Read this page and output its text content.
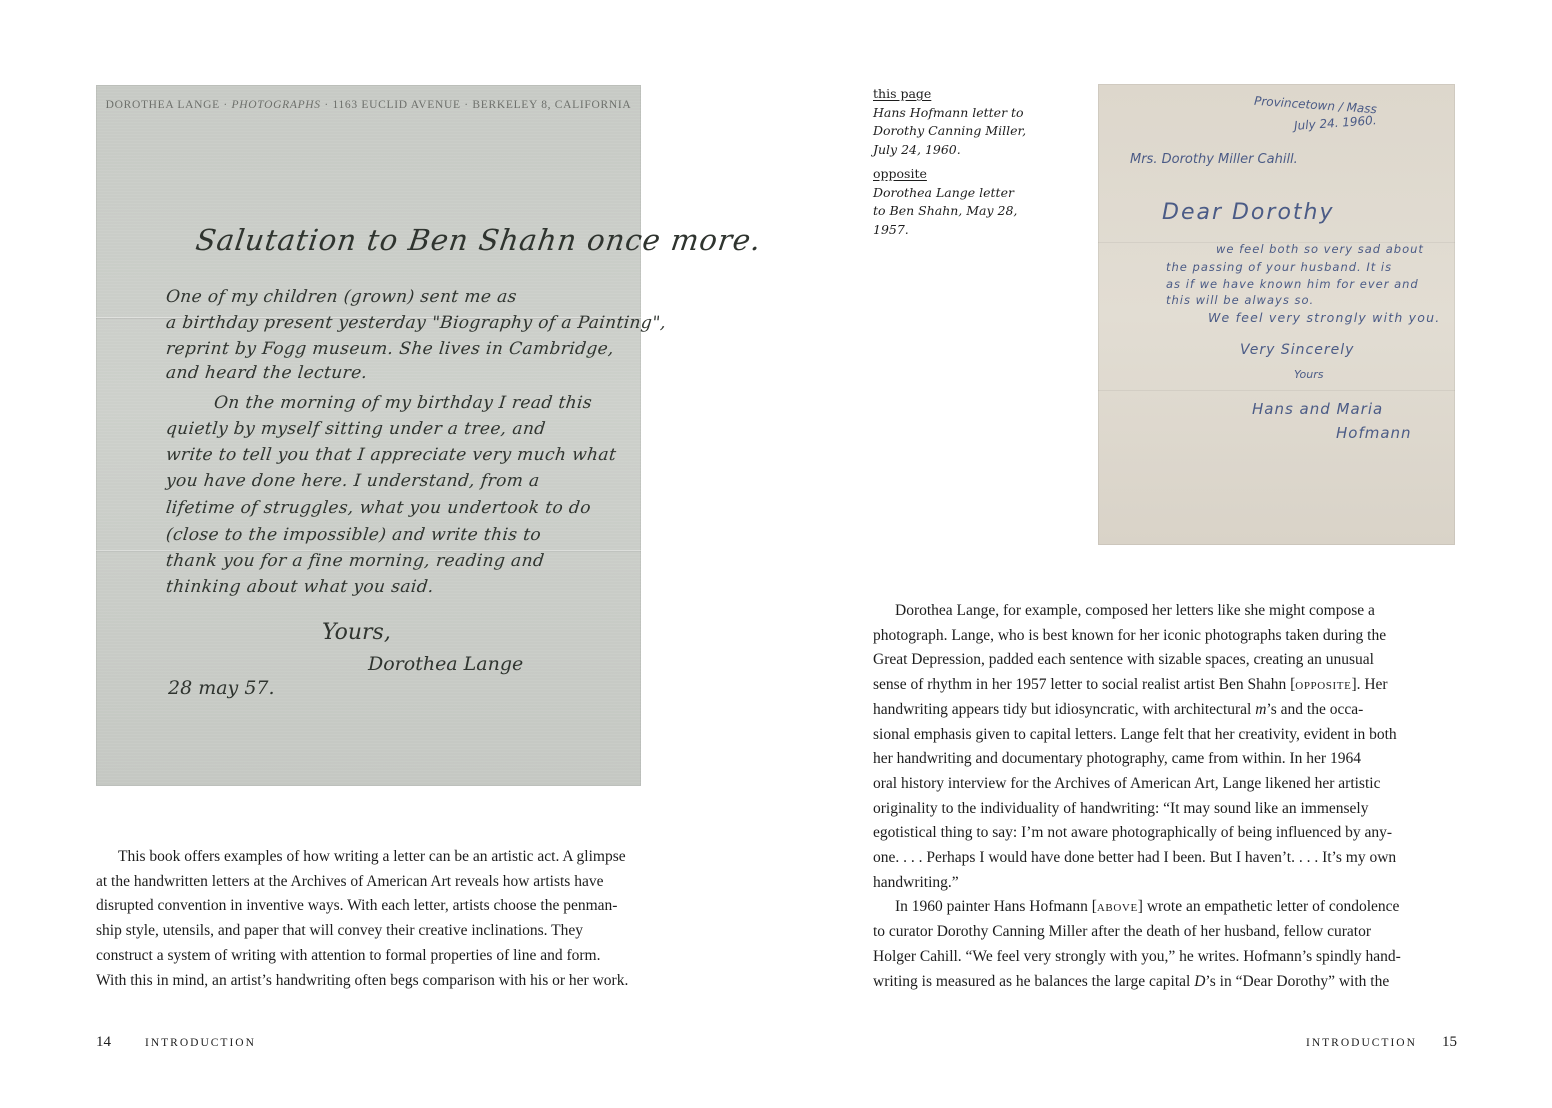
DOROTHEA LANGE · PHOTOGRAPHS · 1163 EUCLID AVENUE · BERKELEY 8, CALIFORNIA
Salutation to Ben Shahn once more.
One of my children (grown) sent me as
a birthday present yesterday "Biography of a Painting",
reprint by Fogg museum. She lives in Cambridge,
and heard the lecture.
On the morning of my birthday I read this
quietly by myself sitting under a tree, and
write to tell you that I appreciate very much what
you have done here. I understand, from a
lifetime of struggles, what you undertook to do
(close to the impossible) and write this to
thank you for a fine morning, reading and
thinking about what you said.
Yours,
Dorothea Lange
28 may 57.
This book offers examples of how writing a letter can be an artistic act. A glimpse
at the handwritten letters at the Archives of American Art reveals how artists have
disrupted convention in inventive ways. With each letter, artists choose the penman-
ship style, utensils, and paper that will convey their creative inclinations. They
construct a system of writing with attention to formal properties of line and form.
With this in mind, an artist’s handwriting often begs comparison with his or her work.
14	INTRODUCTION
this page
Hans Hofmann letter to
Dorothy Canning Miller,
July 24, 1960.
opposite
Dorothea Lange letter
to Ben Shahn, May 28,
1957.
Provincetown / Mass
July 24. 1960.
Mrs. Dorothy Miller Cahill.
Dear Dorothy
we feel both so very sad about
the passing of your husband. It is
as if we have known him for ever and
this will be always so.
We feel very strongly with you.
Very Sincerely
Yours
Hans and Maria
Hofmann
Dorothea Lange, for example, composed her letters like she might compose a
photograph. Lange, who is best known for her iconic photographs taken during the
Great Depression, padded each sentence with sizable spaces, creating an unusual
sense of rhythm in her 1957 letter to social realist artist Ben Shahn [opposite]. Her
handwriting appears tidy but idiosyncratic, with architectural m’s and the occa-
sional emphasis given to capital letters. Lange felt that her creativity, evident in both
her handwriting and documentary photography, came from within. In her 1964
oral history interview for the Archives of American Art, Lange likened her artistic
originality to the individuality of handwriting: “It may sound like an immensely
egotistical thing to say: I’m not aware photographically of being influenced by any-
one. . . . Perhaps I would have done better had I been. But I haven’t. . . . It’s my own
handwriting.”
In 1960 painter Hans Hofmann [above] wrote an empathetic letter of condolence
to curator Dorothy Canning Miller after the death of her husband, fellow curator
Holger Cahill. “We feel very strongly with you,” he writes. Hofmann’s spindly hand-
writing is measured as he balances the large capital D’s in “Dear Dorothy” with the
INTRODUCTION 15
